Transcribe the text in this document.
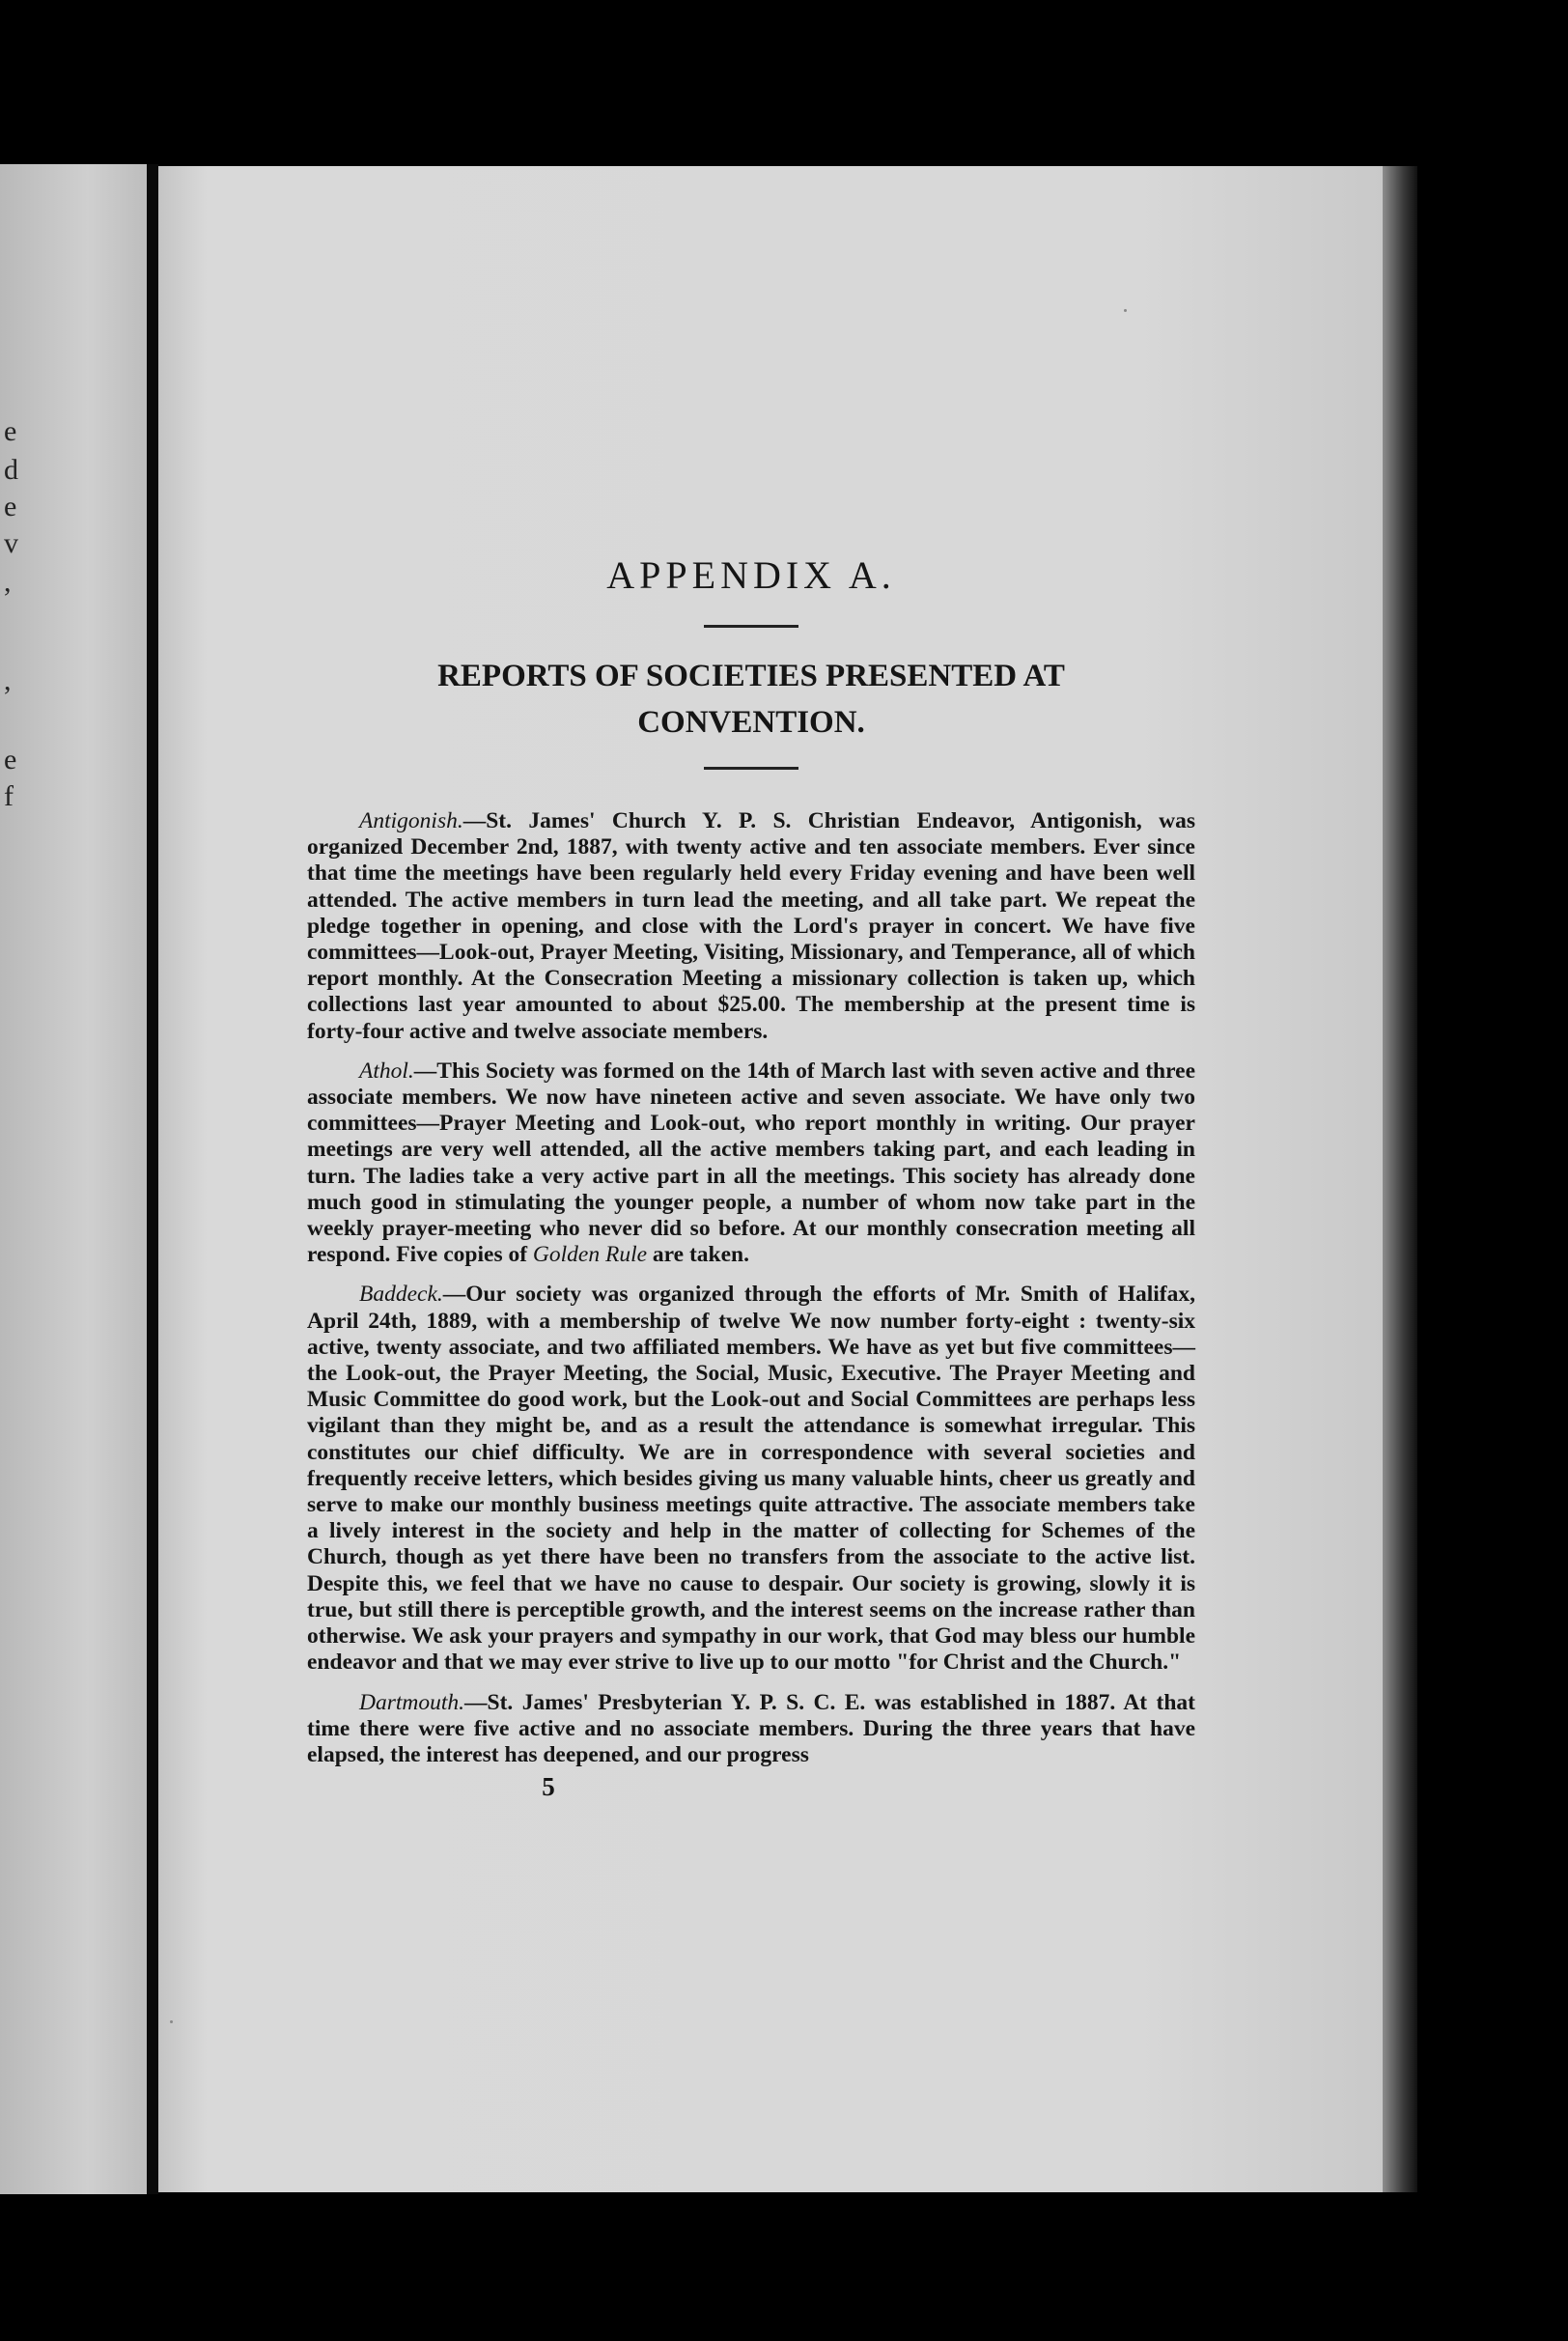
e
d
e
v
,
,
e
f
APPENDIX A.
REPORTS OF SOCIETIES PRESENTED AT CONVENTION.

Antigonish.—St. James' Church Y. P. S. Christian Endeavor, Antigonish, was organized December 2nd, 1887, with twenty active and ten associate members. Ever since that time the meetings have been regularly held every Friday evening and have been well attended. The active members in turn lead the meeting, and all take part. We repeat the pledge together in opening, and close with the Lord's prayer in concert. We have five committees—Look-out, Prayer Meeting, Visiting, Missionary, and Temperance, all of which report monthly. At the Consecration Meeting a missionary collection is taken up, which collections last year amounted to about $25.00. The membership at the present time is forty-four active and twelve associate members.

Athol.—This Society was formed on the 14th of March last with seven active and three associate members. We now have nineteen active and seven associate. We have only two committees—Prayer Meeting and Look-out, who report monthly in writing. Our prayer meetings are very well attended, all the active members taking part, and each leading in turn. The ladies take a very active part in all the meetings. This society has already done much good in stimulating the younger people, a number of whom now take part in the weekly prayer-meeting who never did so before. At our monthly consecration meeting all respond. Five copies of Golden Rule are taken.

Baddeck.—Our society was organized through the efforts of Mr. Smith of Halifax, April 24th, 1889, with a membership of twelve We now number forty-eight : twenty-six active, twenty associate, and two affiliated members. We have as yet but five committees—the Look-out, the Prayer Meeting, the Social, Music, Executive. The Prayer Meeting and Music Committee do good work, but the Look-out and Social Committees are perhaps less vigilant than they might be, and as a result the attendance is somewhat irregular. This constitutes our chief difficulty. We are in correspondence with several societies and frequently receive letters, which besides giving us many valuable hints, cheer us greatly and serve to make our monthly business meetings quite attractive. The associate members take a lively interest in the society and help in the matter of collecting for Schemes of the Church, though as yet there have been no transfers from the associate to the active list. Despite this, we feel that we have no cause to despair. Our society is growing, slowly it is true, but still there is perceptible growth, and the interest seems on the increase rather than otherwise. We ask your prayers and sympathy in our work, that God may bless our humble endeavor and that we may ever strive to live up to our motto "for Christ and the Church."

Dartmouth.—St. James' Presbyterian Y. P. S. C. E. was established in 1887. At that time there were five active and no associate members. During the three years that have elapsed, the interest has deepened, and our progress

5
